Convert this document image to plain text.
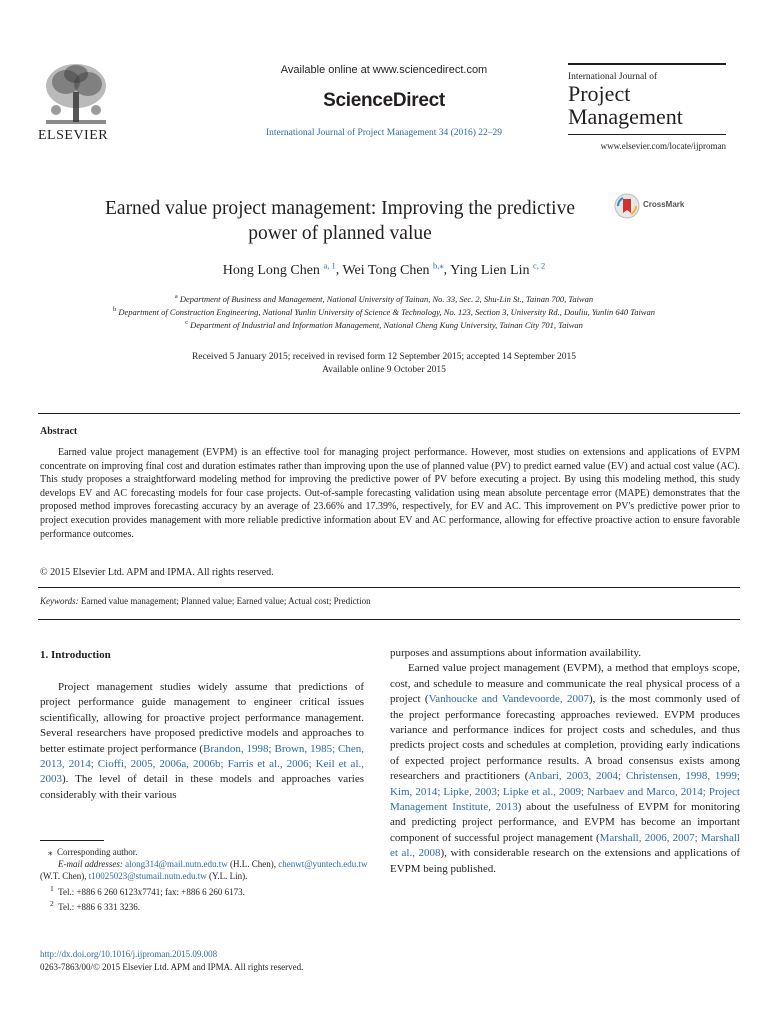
ELSEVIER
Available online at www.sciencedirect.com
ScienceDirect
International Journal of Project Management 34 (2016) 22–29
International Journal of
Project
Management
www.elsevier.com/locate/ijproman
Earned value project management: Improving the predictive
power of planned value
CrossMark
Hong Long Chen $^{a, 1}$, Wei Tong Chen $^{b,⁎}$, Ying Lien Lin $^{c, 2}$
$^a$ Department of Business and Management, National University of Tainan, No. 33, Sec. 2, Shu-Lin St., Tainan 700, Taiwan
$^b$ Department of Construction Engineering, National Yunlin University of Science & Technology, No. 123, Section 3, University Rd., Douliu, Yunlin 640 Taiwan
$^c$ Department of Industrial and Information Management, National Cheng Kung University, Tainan City 701, Taiwan
Received 5 January 2015; received in revised form 12 September 2015; accepted 14 September 2015
Available online 9 October 2015
Abstract
Earned value project management (EVPM) is an effective tool for managing project performance. However, most studies on extensions and applications of EVPM concentrate on improving final cost and duration estimates rather than improving upon the use of planned value (PV) to predict earned value (EV) and actual cost value (AC). This study proposes a straightforward modeling method for improving the predictive power of PV before executing a project. By using this modeling method, this study develops EV and AC forecasting models for four case projects. Out-of-sample forecasting validation using mean absolute percentage error (MAPE) demonstrates that the proposed method improves forecasting accuracy by an average of 23.66% and 17.39%, respectively, for EV and AC. This improvement on PV's predictive power prior to project execution provides management with more reliable predictive information about EV and AC performance, allowing for effective proactive action to ensure favorable performance outcomes.
© 2015 Elsevier Ltd. APM and IPMA. All rights reserved.
Keywords: Earned value management; Planned value; Earned value; Actual cost; Prediction
1. Introduction
Project management studies widely assume that predictions of project performance guide management to engineer critical issues scientifically, allowing for proactive project performance management. Several researchers have proposed predictive models and approaches to better estimate project performance (Brandon, 1998; Brown, 1985; Chen, 2013, 2014; Cioffi, 2005, 2006a, 2006b; Farris et al., 2006; Keil et al., 2003). The level of detail in these models and approaches varies considerably with their various

purposes and assumptions about information availability.

Earned value project management (EVPM), a method that employs scope, cost, and schedule to measure and communicate the real physical process of a project (Vanhoucke and Vandevoorde, 2007), is the most commonly used of the project performance forecasting approaches reviewed. EVPM produces variance and performance indices for project costs and schedules, and thus predicts project costs and schedules at completion, providing early indications of expected project performance results. A broad consensus exists among researchers and practitioners (Anbari, 2003, 2004; Christensen, 1998, 1999; Kim, 2014; Lipke, 2003; Lipke et al., 2009; Narbaev and Marco, 2014; Project Management Institute, 2013) about the usefulness of EVPM for monitoring and predicting project performance, and EVPM has become an important component of successful project management (Marshall, 2006, 2007; Marshall et al., 2008), with considerable research on the extensions and applications of EVPM being published.

⁎ Corresponding author.

E-mail addresses: along314@mail.nutn.edu.tw (H.L. Chen), chenwt@yuntech.edu.tw (W.T. Chen), t10025023@stumail.nutn.edu.tw (Y.L. Lin).

$^1$ Tel.: +886 6 260 6123x7741; fax: +886 6 260 6173.

$^2$ Tel.: +886 6 331 3236.

http://dx.doi.org/10.1016/j.ijproman.2015.09.008
0263-7863/00/© 2015 Elsevier Ltd. APM and IPMA. All rights reserved.
